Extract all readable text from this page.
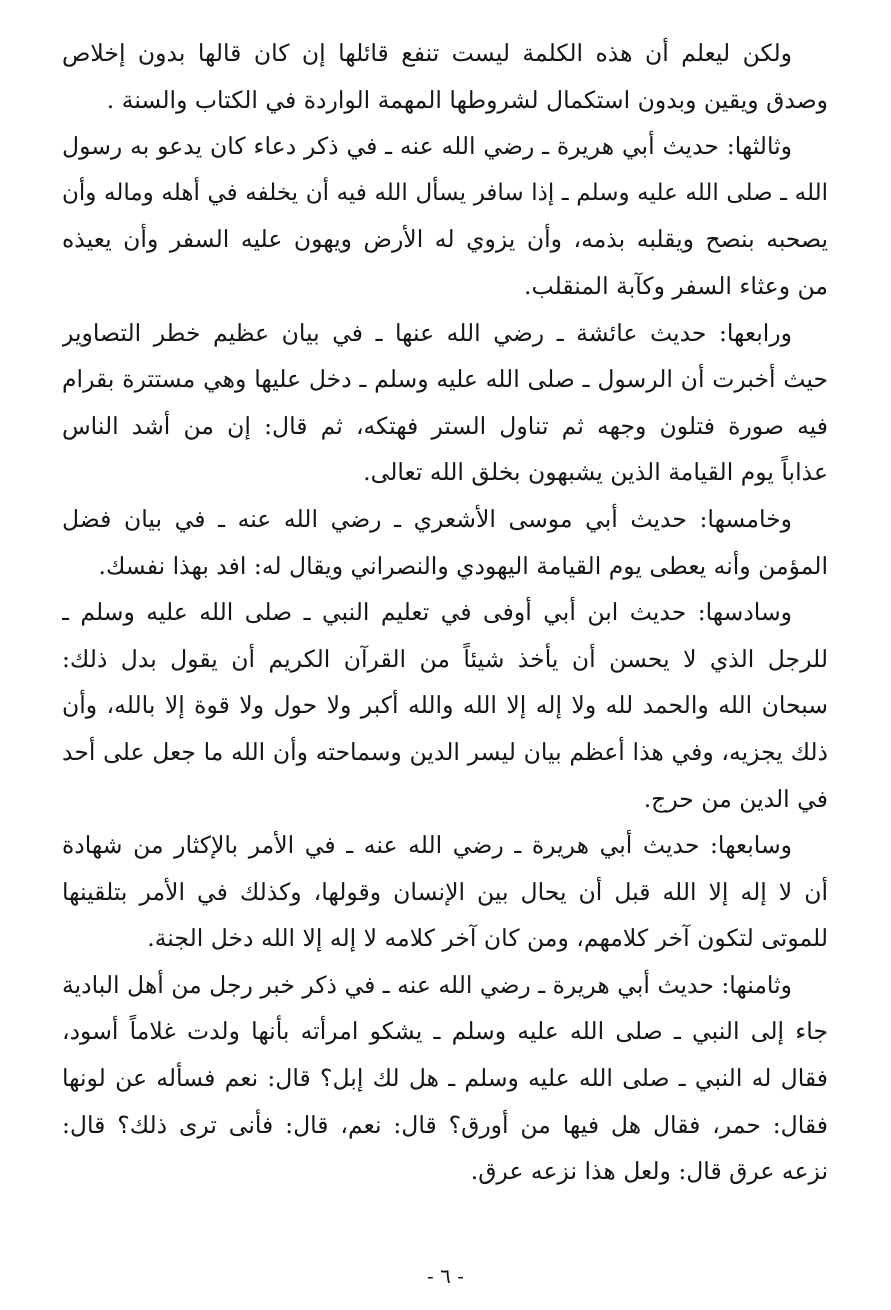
ولكن ليعلم أن هذه الكلمة ليست تنفع قائلها إن كان قالها بدون إخلاص
وصدق ويقين وبدون استكمال لشروطها المهمة الواردة في الكتاب والسنة .
وثالثها: حديث أبي هريرة ـ رضي الله عنه ـ في ذكر دعاء كان يدعو به رسول
الله ـ صلى الله عليه وسلم ـ إذا سافر يسأل الله فيه أن يخلفه في أهله وماله وأن
يصحبه بنصح ويقلبه بذمه، وأن يزوي له الأرض ويهون عليه السفر وأن يعيذه
من وعثاء السفر وكآبة المنقلب.
ورابعها: حديث عائشة ـ رضي الله عنها ـ في بيان عظيم خطر التصاوير
حيث أخبرت أن الرسول ـ صلى الله عليه وسلم ـ دخل عليها وهي مستترة بقرام
فيه صورة فتلون وجهه ثم تناول الستر فهتكه، ثم قال: إن من أشد الناس
عذاباً يوم القيامة الذين يشبهون بخلق الله تعالى.
وخامسها: حديث أبي موسى الأشعري ـ رضي الله عنه ـ في بيان فضل
المؤمن وأنه يعطى يوم القيامة اليهودي والنصراني ويقال له: افد بهذا نفسك.
وسادسها: حديث ابن أبي أوفى في تعليم النبي ـ صلى الله عليه وسلم ـ
للرجل الذي لا يحسن أن يأخذ شيئاً من القرآن الكريم أن يقول بدل ذلك:
سبحان الله والحمد لله ولا إله إلا الله والله أكبر ولا حول ولا قوة إلا بالله، وأن
ذلك يجزيه، وفي هذا أعظم بيان ليسر الدين وسماحته وأن الله ما جعل على أحد
في الدين من حرج.
وسابعها: حديث أبي هريرة ـ رضي الله عنه ـ في الأمر بالإكثار من شهادة
أن لا إله إلا الله قبل أن يحال بين الإنسان وقولها، وكذلك في الأمر بتلقينها
للموتى لتكون آخر كلامهم، ومن كان آخر كلامه لا إله إلا الله دخل الجنة.
وثامنها: حديث أبي هريرة ـ رضي الله عنه ـ في ذكر خبر رجل من أهل البادية
جاء إلى النبي ـ صلى الله عليه وسلم ـ يشكو امرأته بأنها ولدت غلاماً أسود،
فقال له النبي ـ صلى الله عليه وسلم ـ هل لك إبل؟ قال: نعم فسأله عن لونها
فقال: حمر، فقال هل فيها من أورق؟ قال: نعم، قال: فأنى ترى ذلك؟ قال:
نزعه عرق قال: ولعل هذا نزعه عرق.
- ٦ -
